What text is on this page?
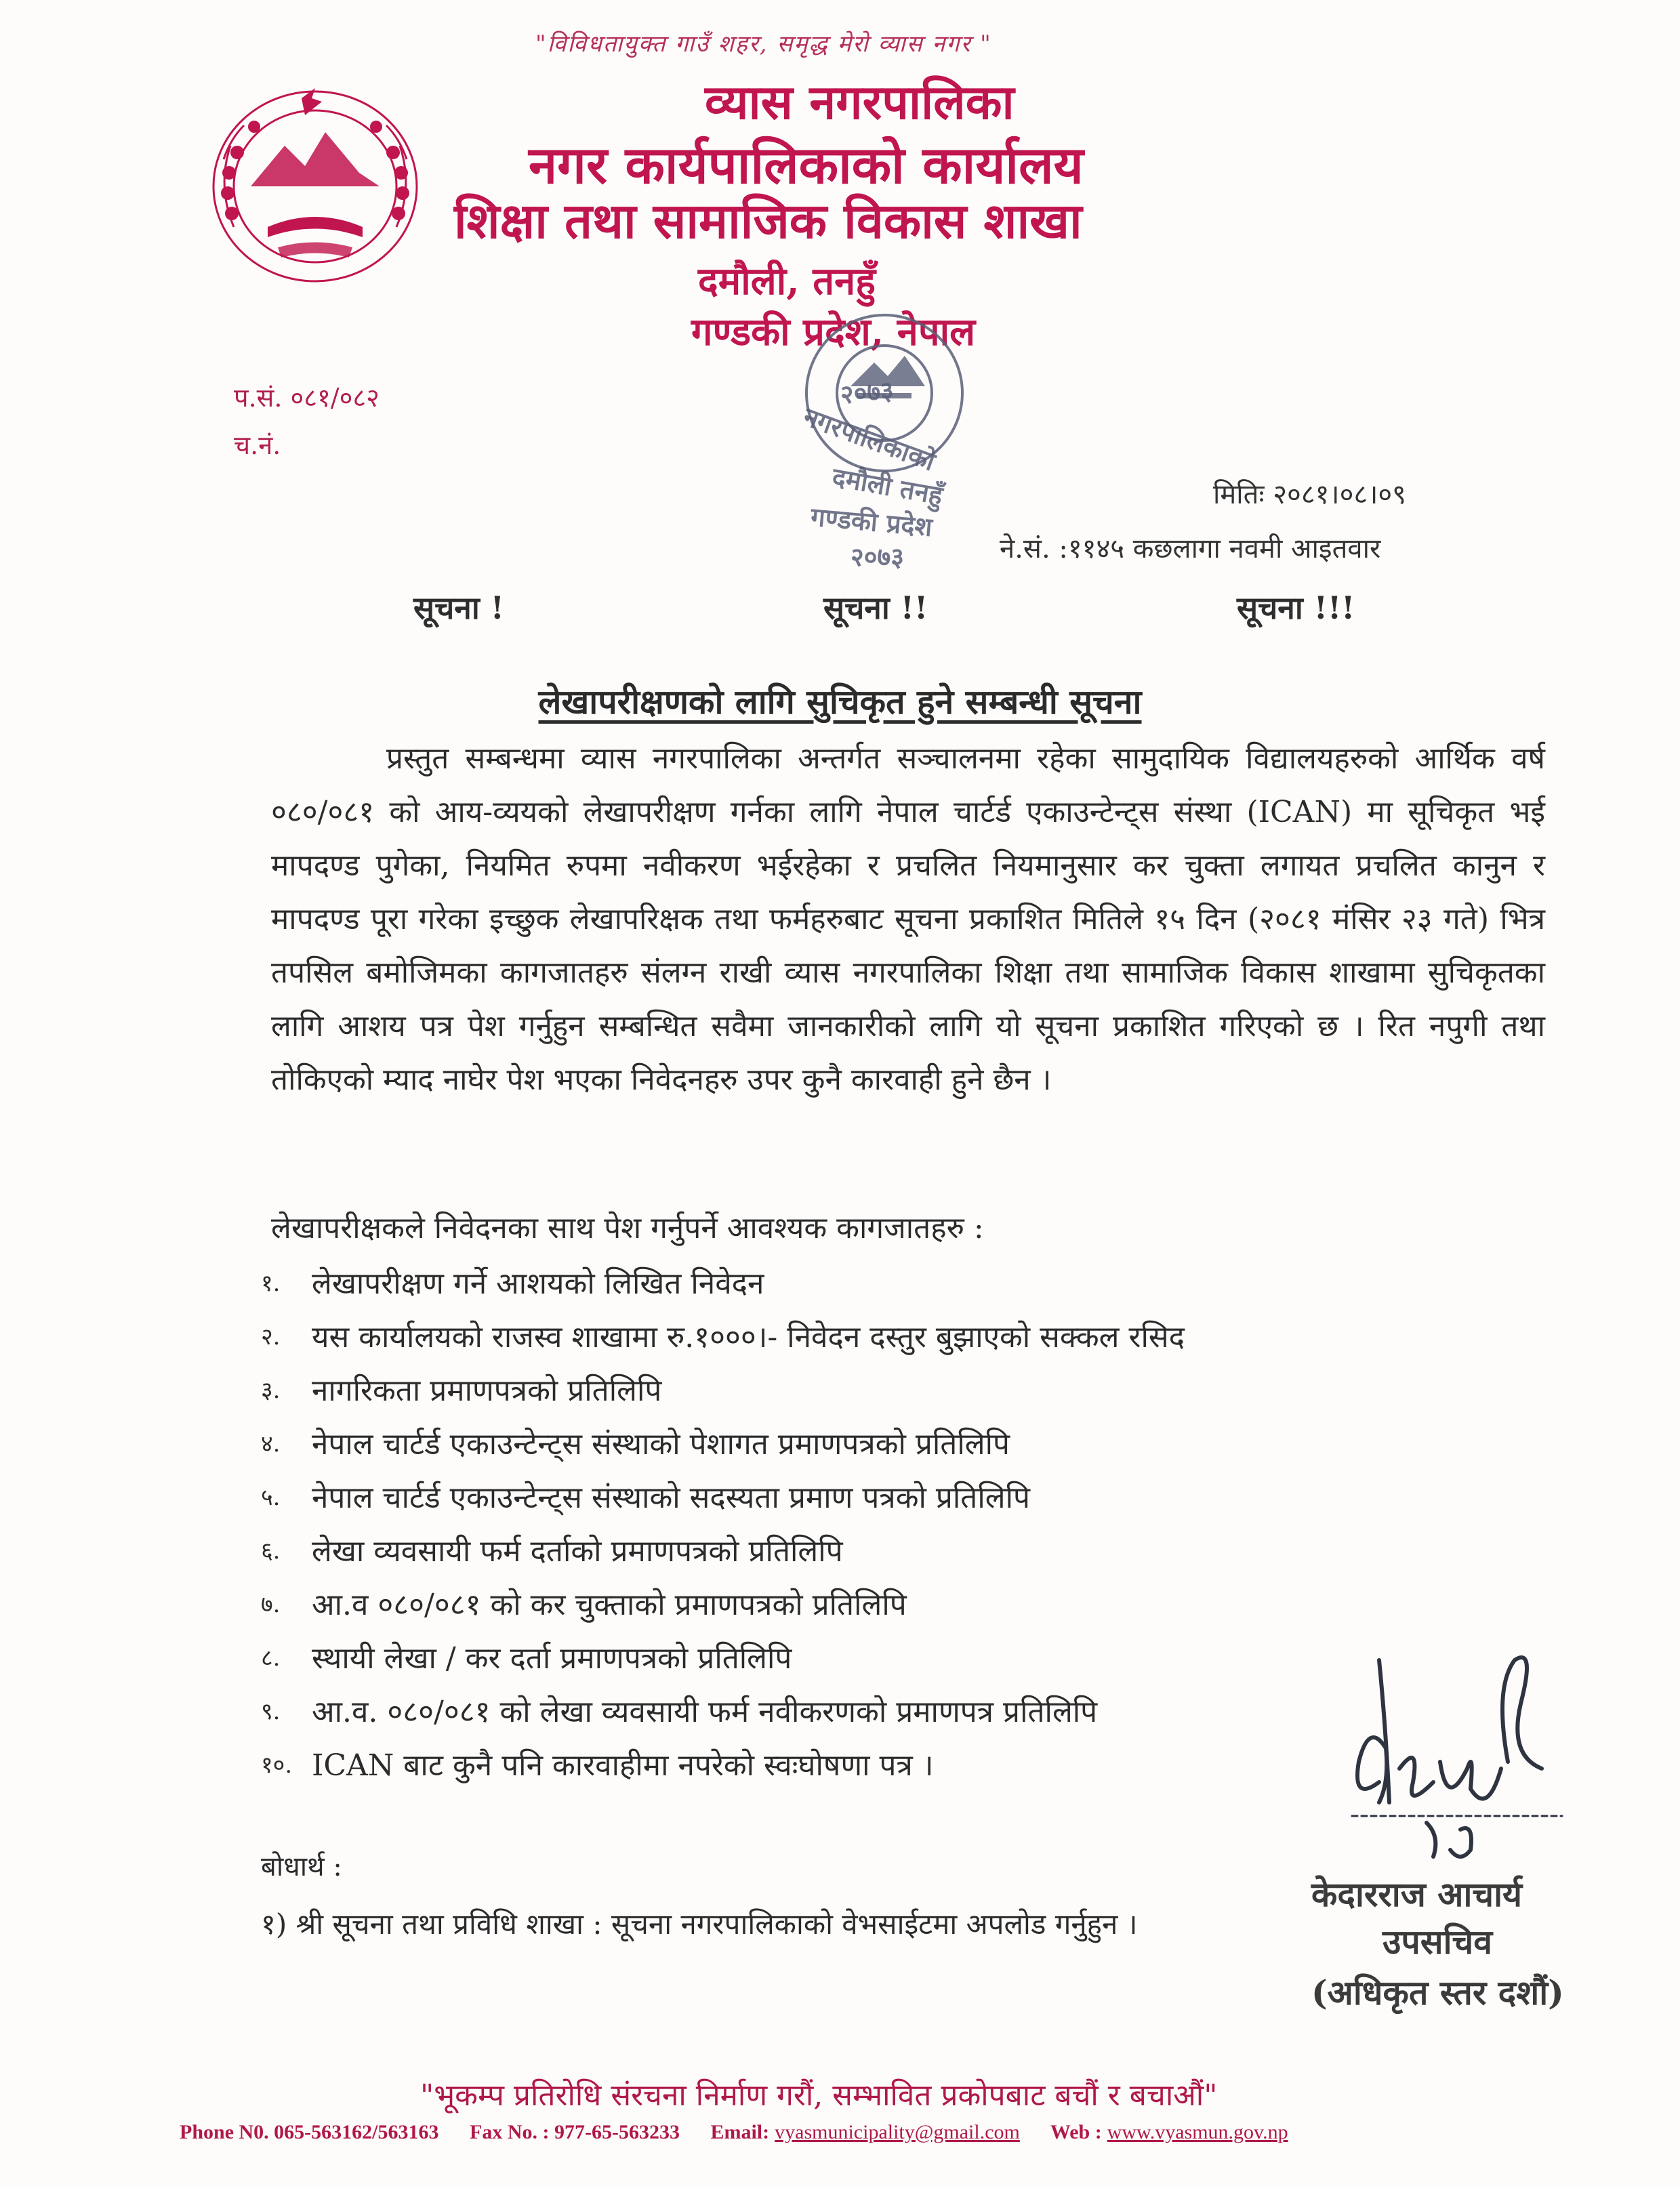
"विविधतायुक्त गाउँ शहर, समृद्ध मेरो व्यास नगर "
व्यास नगरपालिका
नगर कार्यपालिकाको कार्यालय
शिक्षा तथा सामाजिक विकास शाखा
दमौली, तनहुँ
गण्डकी प्रदेश, नेपाल
प.सं. ०८१/०८२
च.नं.
२०७३
नगरपालिकाको
दमौली तनहुँ
गण्डकी प्रदेश
२०७३
मितिः २०८१।०८।०९
ने.सं. :११४५ कछलागा नवमी आइतवार
सूचना !	सूचना !!	सूचना !!!
लेखापरीक्षणको लागि सुचिकृत हुने सम्बन्धी सूचना
प्रस्तुत सम्बन्धमा व्यास नगरपालिका अन्तर्गत सञ्चालनमा रहेका सामुदायिक विद्यालयहरुको आर्थिक वर्ष ०८०/०८१ को आय-व्ययको लेखापरीक्षण गर्नका लागि नेपाल चार्टर्ड एकाउन्टेन्ट्स संस्था (ICAN) मा सूचिकृत भई मापदण्ड पुगेका, नियमित रुपमा नवीकरण भईरहेका र प्रचलित नियमानुसार कर चुक्ता लगायत प्रचलित कानुन र मापदण्ड पूरा गरेका इच्छुक लेखापरिक्षक तथा फर्महरुबाट सूचना प्रकाशित मितिले १५ दिन (२०८१ मंसिर २३ गते) भित्र तपसिल बमोजिमका कागजातहरु संलग्न राखी व्यास नगरपालिका शिक्षा तथा सामाजिक विकास शाखामा सुचिकृतका लागि आशय पत्र पेश गर्नुहुन सम्बन्धित सवैमा जानकारीको लागि यो सूचना प्रकाशित गरिएको छ । रित नपुगी तथा तोकिएको म्याद नाघेर पेश भएका निवेदनहरु उपर कुनै कारवाही हुने छैन ।
लेखापरीक्षकले निवेदनका साथ पेश गर्नुपर्ने आवश्यक कागजातहरु :
१.	लेखापरीक्षण गर्ने आशयको लिखित निवेदन
२.	यस कार्यालयको राजस्व शाखामा रु.१०००।- निवेदन दस्तुर बुझाएको सक्कल रसिद
३.	नागरिकता प्रमाणपत्रको प्रतिलिपि
४.	नेपाल चार्टर्ड एकाउन्टेन्ट्स संस्थाको पेशागत प्रमाणपत्रको प्रतिलिपि
५.	नेपाल चार्टर्ड एकाउन्टेन्ट्स संस्थाको सदस्यता प्रमाण पत्रको प्रतिलिपि
६.	लेखा व्यवसायी फर्म दर्ताको प्रमाणपत्रको प्रतिलिपि
७.	आ.व ०८०/०८१ को कर चुक्ताको प्रमाणपत्रको प्रतिलिपि
८.	स्थायी लेखा / कर दर्ता प्रमाणपत्रको प्रतिलिपि
९.	आ.व. ०८०/०८१ को लेखा व्यवसायी फर्म नवीकरणको प्रमाणपत्र प्रतिलिपि
१०. ICAN बाट कुनै पनि कारवाहीमा नपरेको स्वःघोषणा पत्र ।
बोधार्थ :
१) श्री सूचना तथा प्रविधि शाखा : सूचना नगरपालिकाको वेभसाईटमा अपलोड गर्नुहुन ।
केदारराज आचार्य
उपसचिव
(अधिकृत स्तर दशौं)
"भूकम्प प्रतिरोधि संरचना निर्माण गरौं, सम्भावित प्रकोपबाट बचौं र बचाऔं"
Phone N0. 065-563162/563163 Fax No. : 977-65-563233 Email: vyasmunicipality@gmail.com Web : www.vyasmun.gov.np
